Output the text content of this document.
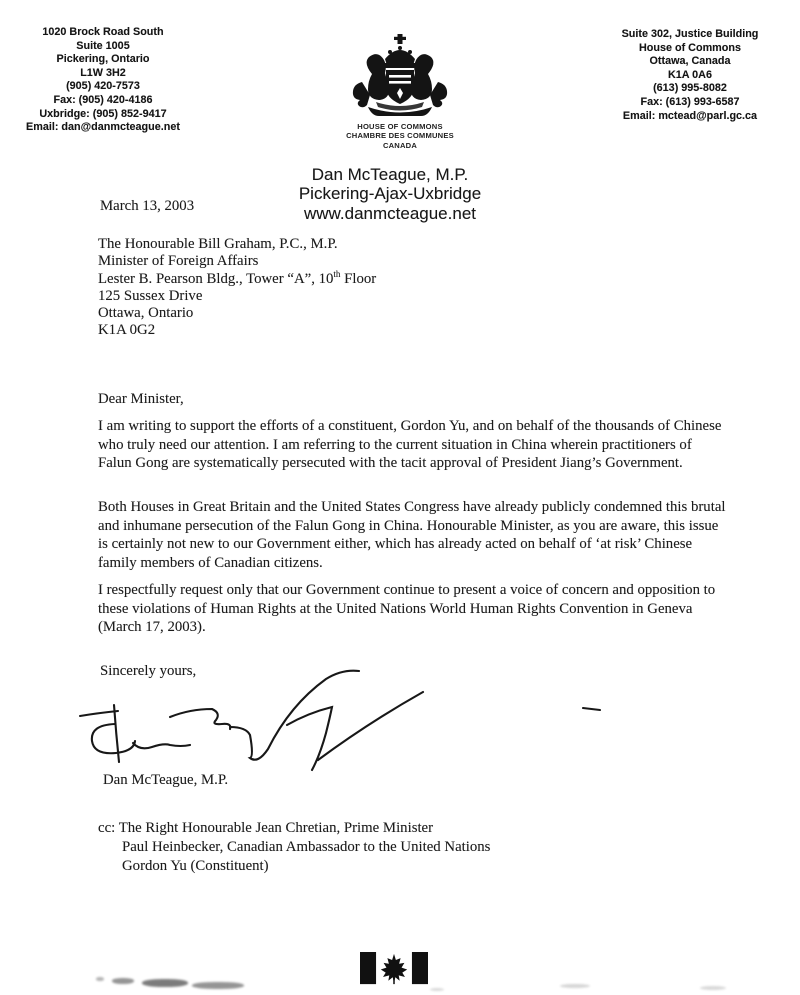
1020 Brock Road South
Suite 1005
Pickering, Ontario
L1W 3H2
(905) 420-7573
Fax: (905) 420-4186
Uxbridge: (905) 852-9417
Email: dan@danmcteague.net
Suite 302, Justice Building
House of Commons
Ottawa, Canada
K1A 0A6
(613) 995-8082
Fax: (613) 993-6587
Email: mctead@parl.gc.ca
HOUSE OF COMMONS
CHAMBRE DES COMMUNES
CANADA
Dan McTeague, M.P.
Pickering-Ajax-Uxbridge
www.danmcteague.net
March 13, 2003
The Honourable Bill Graham, P.C., M.P.
Minister of Foreign Affairs
Lester B. Pearson Bldg., Tower “A”, 10th Floor
125 Sussex Drive
Ottawa, Ontario
K1A 0G2
Dear Minister,
I am writing to support the efforts of a constituent, Gordon Yu, and on behalf of the thousands of Chinese who truly need our attention. I am referring to the current situation in China wherein practitioners of Falun Gong are systematically persecuted with the tacit approval of President Jiang’s Government.
Both Houses in Great Britain and the United States Congress have already publicly condemned this brutal and inhumane persecution of the Falun Gong in China. Honourable Minister, as you are aware, this issue is certainly not new to our Government either, which has already acted on behalf of ‘at risk’ Chinese family members of Canadian citizens.
I respectfully request only that our Government continue to present a voice of concern and opposition to these violations of Human Rights at the United Nations World Human Rights Convention in Geneva (March 17, 2003).
Sincerely yours,
Dan McTeague, M.P.
cc: The Right Honourable Jean Chretian, Prime Minister
Paul Heinbecker, Canadian Ambassador to the United Nations
Gordon Yu (Constituent)
